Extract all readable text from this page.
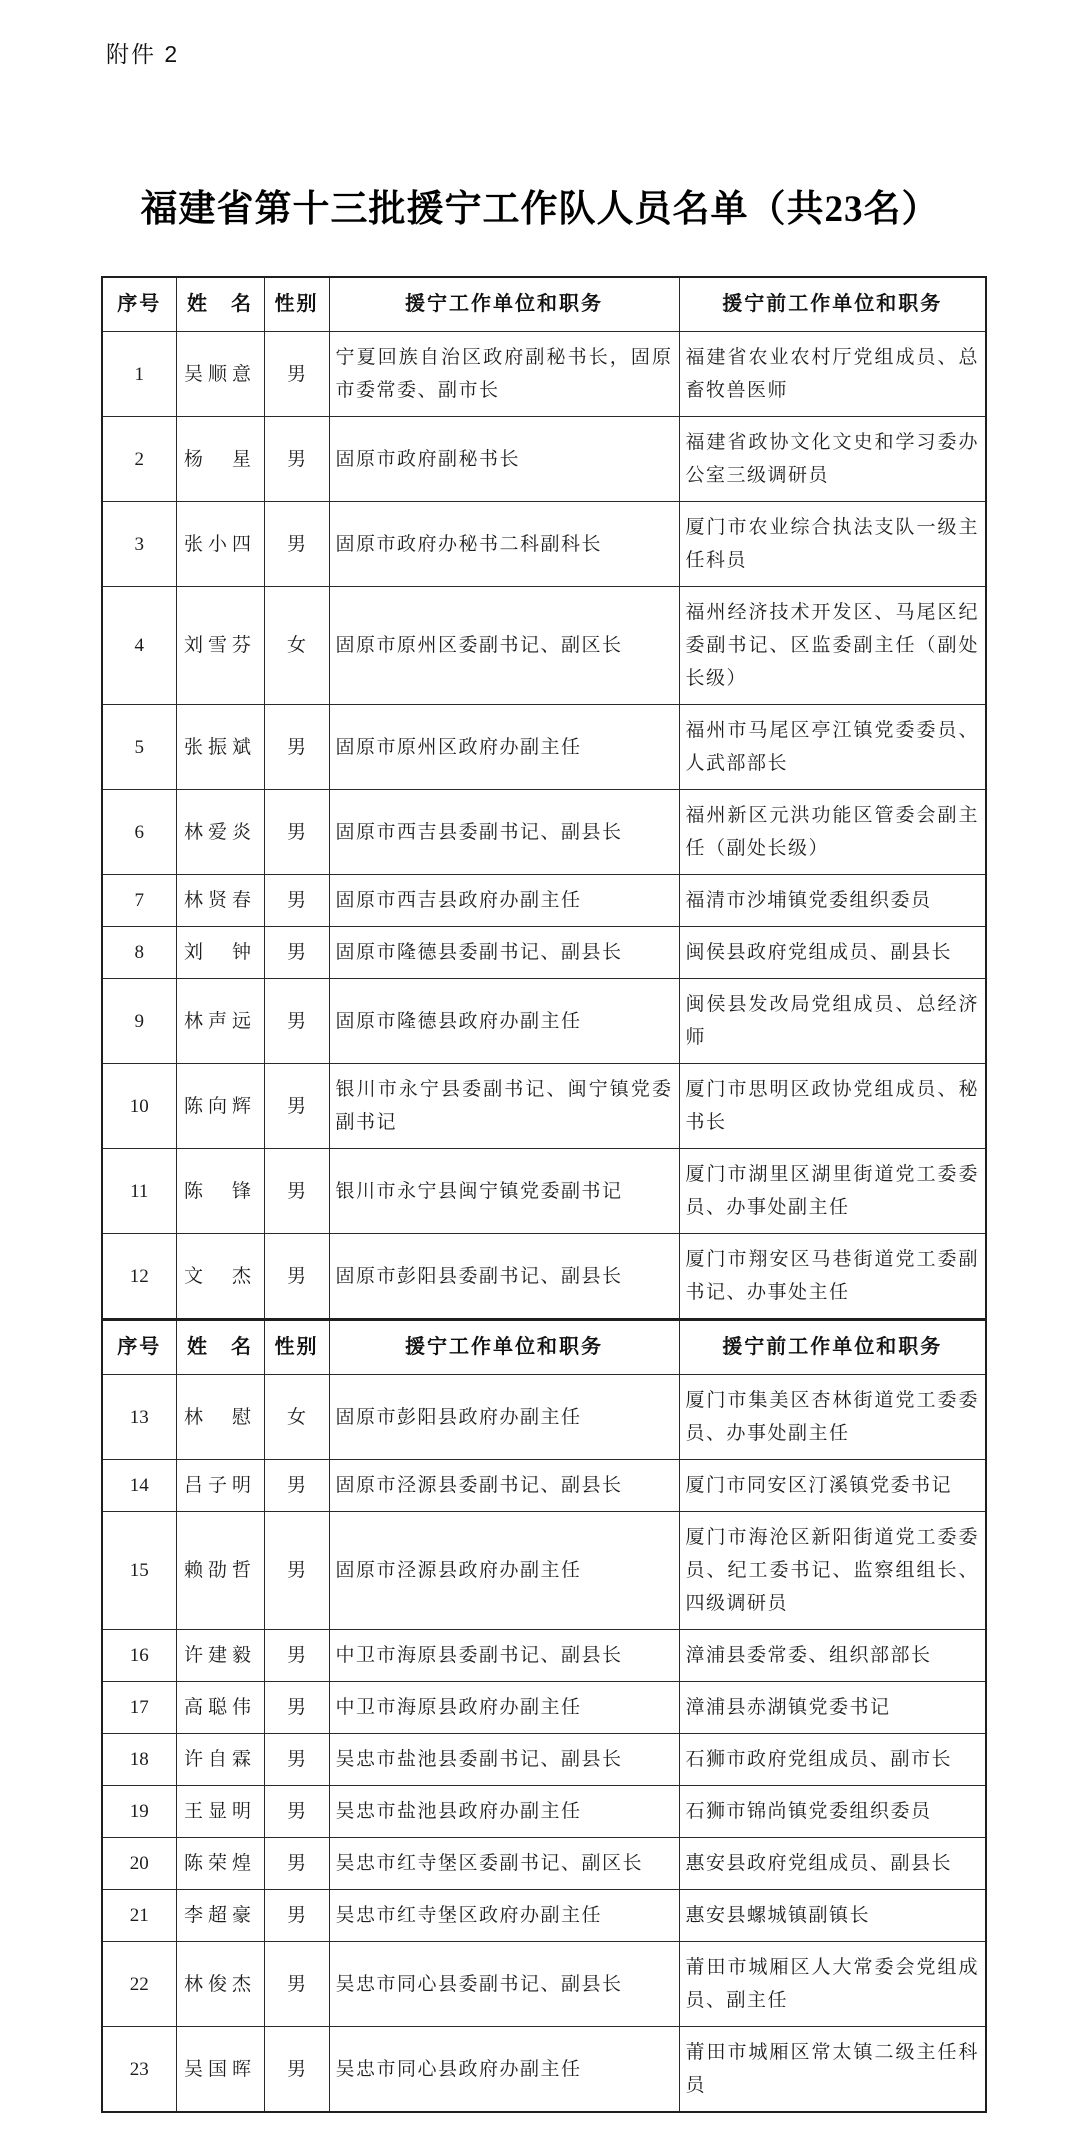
附件 2
福建省第十三批援宁工作队人员名单（共23名）
序号	姓　名	性别	援宁工作单位和职务	援宁前工作单位和职务
1	吴顺意	男	宁夏回族自治区政府副秘书长，固原市委常委、副市长	福建省农业农村厅党组成员、总畜牧兽医师
2	杨　星	男	固原市政府副秘书长	福建省政协文化文史和学习委办公室三级调研员
3	张小四	男	固原市政府办秘书二科副科长	厦门市农业综合执法支队一级主任科员
4	刘雪芬	女	固原市原州区委副书记、副区长	福州经济技术开发区、马尾区纪委副书记、区监委副主任（副处长级）
5	张振斌	男	固原市原州区政府办副主任	福州市马尾区亭江镇党委委员、人武部部长
6	林爱炎	男	固原市西吉县委副书记、副县长	福州新区元洪功能区管委会副主任（副处长级）
7	林贤春	男	固原市西吉县政府办副主任	福清市沙埔镇党委组织委员
8	刘　钟	男	固原市隆德县委副书记、副县长	闽侯县政府党组成员、副县长
9	林声远	男	固原市隆德县政府办副主任	闽侯县发改局党组成员、总经济师
10	陈向辉	男	银川市永宁县委副书记、闽宁镇党委副书记	厦门市思明区政协党组成员、秘书长
11	陈　锋	男	银川市永宁县闽宁镇党委副书记	厦门市湖里区湖里街道党工委委员、办事处副主任
12	文　杰	男	固原市彭阳县委副书记、副县长	厦门市翔安区马巷街道党工委副书记、办事处主任
序号	姓　名	性别	援宁工作单位和职务	援宁前工作单位和职务
13	林　慰	女	固原市彭阳县政府办副主任	厦门市集美区杏林街道党工委委员、办事处副主任
14	吕子明	男	固原市泾源县委副书记、副县长	厦门市同安区汀溪镇党委书记
15	赖劭哲	男	固原市泾源县政府办副主任	厦门市海沧区新阳街道党工委委员、纪工委书记、监察组组长、四级调研员
16	许建毅	男	中卫市海原县委副书记、副县长	漳浦县委常委、组织部部长
17	高聪伟	男	中卫市海原县政府办副主任	漳浦县赤湖镇党委书记
18	许自霖	男	吴忠市盐池县委副书记、副县长	石狮市政府党组成员、副市长
19	王显明	男	吴忠市盐池县政府办副主任	石狮市锦尚镇党委组织委员
20	陈荣煌	男	吴忠市红寺堡区委副书记、副区长	惠安县政府党组成员、副县长
21	李超豪	男	吴忠市红寺堡区政府办副主任	惠安县螺城镇副镇长
22	林俊杰	男	吴忠市同心县委副书记、副县长	莆田市城厢区人大常委会党组成员、副主任
23	吴国晖	男	吴忠市同心县政府办副主任	莆田市城厢区常太镇二级主任科员
